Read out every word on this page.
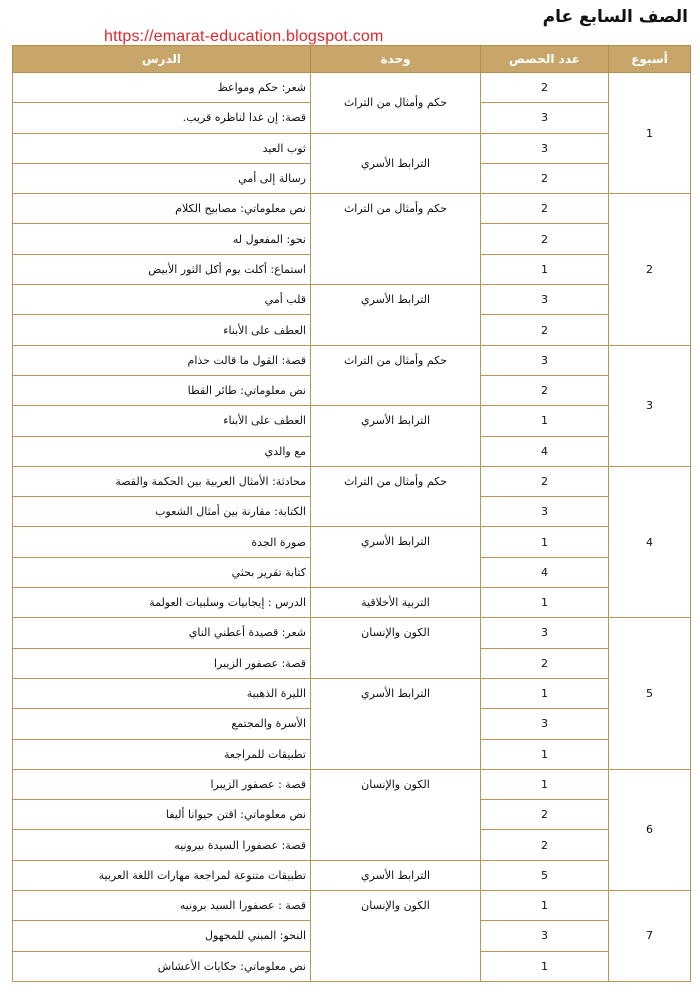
الصف السابع عام
https://emarat-education.blogspot.com
أسبوع	عدد الحصص	وحدة	الدرس
1	2	حكم وأمثال من التراث	شعر: حكم ومواعظ
	3		قصة: إن غدا لناظره قريب.
	3	الترابط الأسري	ثوب العيد
	2		رسالة إلى أمي
2	2	حكم وأمثال من التراث	نص معلوماتي: مصابيح الكلام
	2		نحو: المفعول له
	1		استماع: أكلت يوم أكل الثور الأبيض
	3	الترابط الأسري	قلب أمي
	2		العطف على الأبناء
3	3	حكم وأمثال من التراث	قصة: القول ما قالت حذام
	2		نص معلوماتي: طائر القطا
	1	الترابط الأسري	العطف على الأبناء
	4		مع والدي
4	2	حكم وأمثال من التراث	محادثة: الأمثال العربية بين الحكمة والقصة
	3		الكتابة: مقارنة بين أمثال الشعوب
	1	الترابط الأسري	صورة الجدة
	4		كتابة تقرير بحثي
	1	التربية الأخلاقية	الدرس : إيجابيات وسلبيات العولمة
5	3	الكون والإنسان	شعر: قصيدة أعطني الناي
	2		قصة: عصفور الزيبرا
	1	الترابط الأسري	الليرة الذهبية
	3		الأسرة والمجتمع
	1		تطبيقات للمراجعة
6	1	الكون والإنسان	قصة : عصفور الزيبرا
	2		نص معلوماتي: اقتن حيوانا أليفا
	2		قصة: عصفورا السيدة بيرونيه
	5	الترابط الأسري	تطبيقات متنوعة لمراجعة مهارات اللغة العربية
7	1	الكون والإنسان	قصة : عصفورا السيد برونيه
	3		النحو: المبني للمجهول
	1		نص معلوماتي: حكايات الأعشاش
